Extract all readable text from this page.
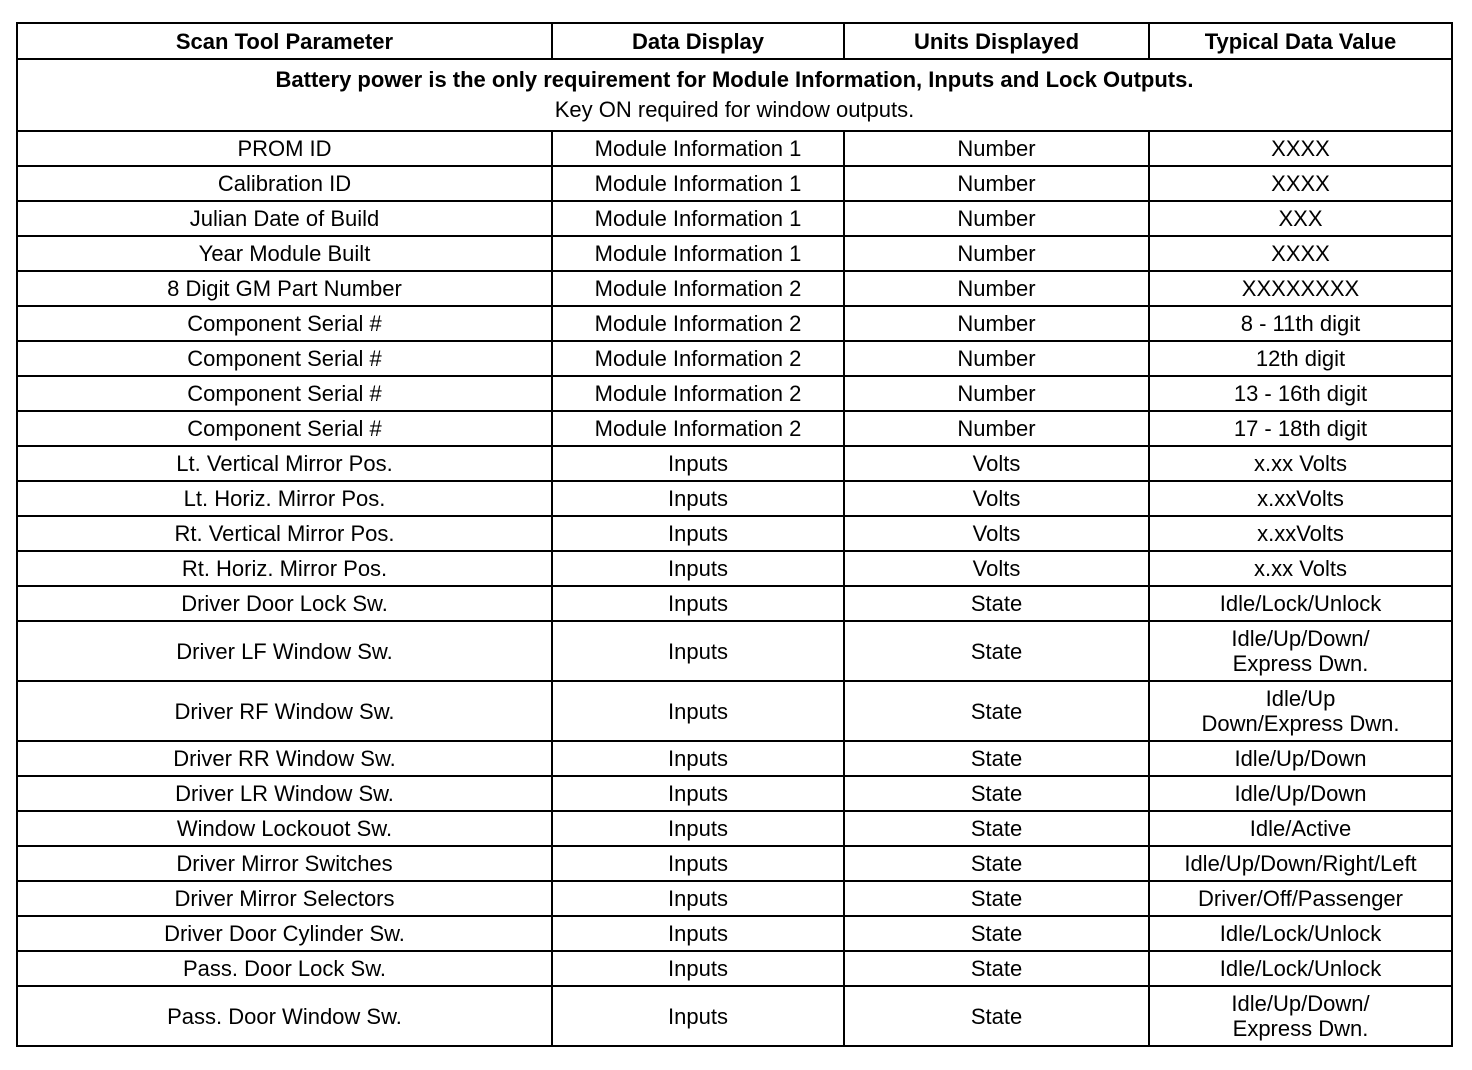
Scan Tool Parameter	Data Display	Units Displayed	Typical Data Value

Battery power is the only requirement for Module Information, Inputs and Lock Outputs.
Key ON required for window outputs.			

PROM ID	Module Information 1	Number	XXXX

Calibration ID	Module Information 1	Number	XXXX

Julian Date of Build	Module Information 1	Number	XXX

Year Module Built	Module Information 1	Number	XXXX

8 Digit GM Part Number	Module Information 2	Number	XXXXXXXX

Component Serial #	Module Information 2	Number	8 - 11th digit

Component Serial #	Module Information 2	Number	12th digit

Component Serial #	Module Information 2	Number	13 - 16th digit

Component Serial #	Module Information 2	Number	17 - 18th digit

Lt. Vertical Mirror Pos.	Inputs	Volts	x.xx Volts

Lt. Horiz. Mirror Pos.	Inputs	Volts	x.xxVolts

Rt. Vertical Mirror Pos.	Inputs	Volts	x.xxVolts

Rt. Horiz. Mirror Pos.	Inputs	Volts	x.xx Volts

Driver Door Lock Sw.	Inputs	State	Idle/Lock/Unlock

Driver LF Window Sw.	Inputs	State	Idle/Up/Down/
Express Dwn.

Driver RF Window Sw.	Inputs	State	Idle/Up
Down/Express Dwn.

Driver RR Window Sw.	Inputs	State	Idle/Up/Down

Driver LR Window Sw.	Inputs	State	Idle/Up/Down

Window Lockouot Sw.	Inputs	State	Idle/Active

Driver Mirror Switches	Inputs	State	Idle/Up/Down/Right/Left

Driver Mirror Selectors	Inputs	State	Driver/Off/Passenger

Driver Door Cylinder Sw.	Inputs	State	Idle/Lock/Unlock

Pass. Door Lock Sw.	Inputs	State	Idle/Lock/Unlock

Pass. Door Window Sw.	Inputs	State	Idle/Up/Down/
Express Dwn.
